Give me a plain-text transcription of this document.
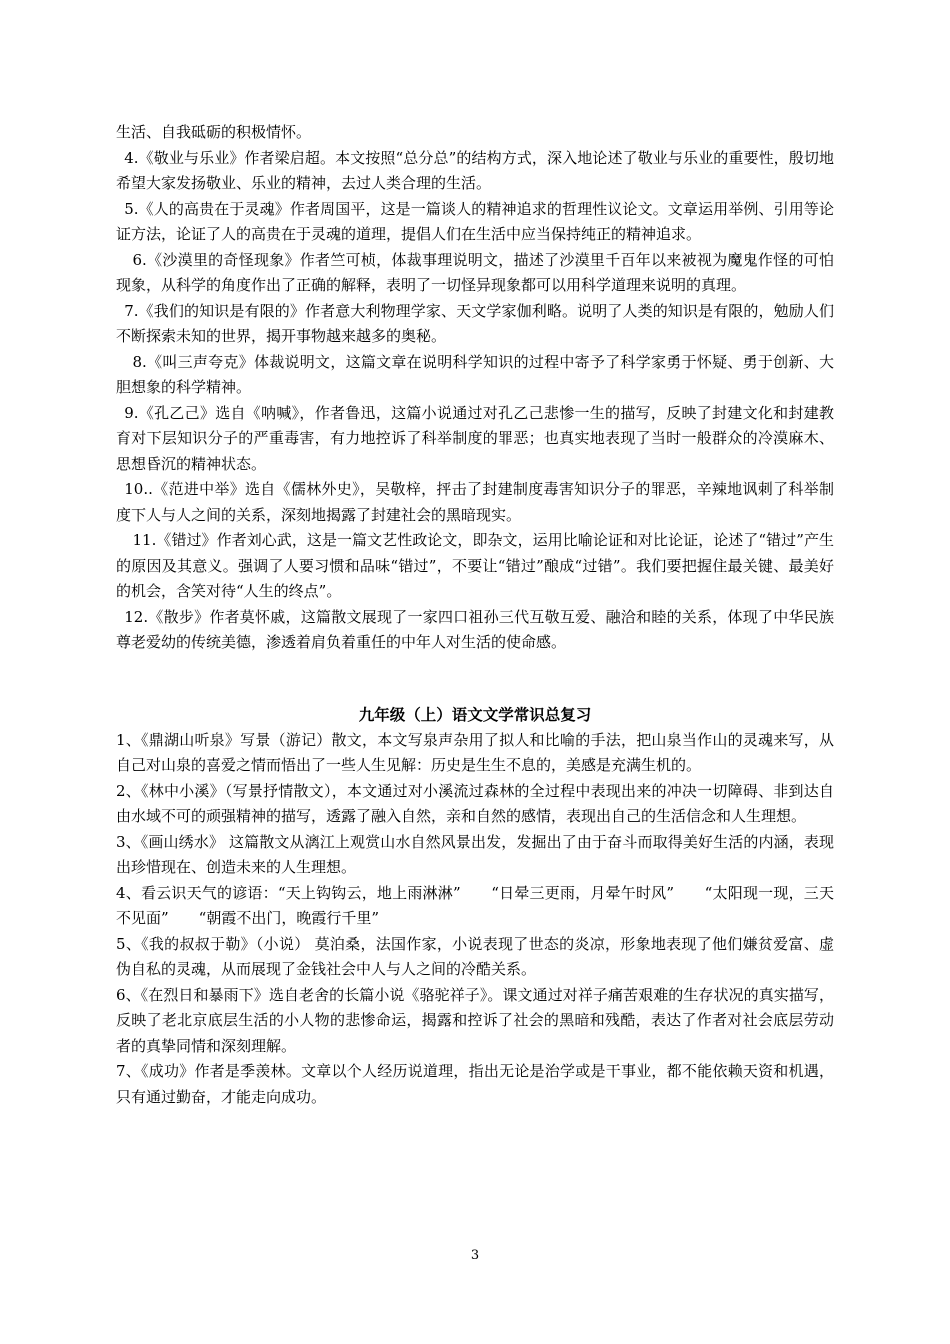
生活、自我砥砺的积极情怀。

4.《敬业与乐业》作者梁启超。本文按照“总分总”的结构方式，深入地论述了敬业与乐业的重要性，殷切地希望大家发扬敬业、乐业的精神，去过人类合理的生活。

5.《人的高贵在于灵魂》作者周国平，这是一篇谈人的精神追求的哲理性议论文。文章运用举例、引用等论证方法，论证了人的高贵在于灵魂的道理，提倡人们在生活中应当保持纯正的精神追求。

6.《沙漠里的奇怪现象》作者竺可桢，体裁事理说明文，描述了沙漠里千百年以来被视为魔鬼作怪的可怕现象，从科学的角度作出了正确的解释，表明了一切怪异现象都可以用科学道理来说明的真理。

7.《我们的知识是有限的》作者意大利物理学家、天文学家伽利略。说明了人类的知识是有限的，勉励人们不断探索未知的世界，揭开事物越来越多的奥秘。

8.《叫三声夸克》体裁说明文，这篇文章在说明科学知识的过程中寄予了科学家勇于怀疑、勇于创新、大胆想象的科学精神。

9.《孔乙己》选自《呐喊》，作者鲁迅，这篇小说通过对孔乙己悲惨一生的描写，反映了封建文化和封建教育对下层知识分子的严重毒害，有力地控诉了科举制度的罪恶；也真实地表现了当时一般群众的冷漠麻木、思想昏沉的精神状态。

10..《范进中举》选自《儒林外史》，吴敬梓，抨击了封建制度毒害知识分子的罪恶，辛辣地讽刺了科举制度下人与人之间的关系，深刻地揭露了封建社会的黑暗现实。

11.《错过》作者刘心武，这是一篇文艺性政论文，即杂文，运用比喻论证和对比论证，论述了“错过”产生的原因及其意义。强调了人要习惯和品味“错过”，不要让“错过”酿成“过错”。我们要把握住最关键、最美好的机会，含笑对待“人生的终点”。

12.《散步》作者莫怀戚，这篇散文展现了一家四口祖孙三代互敬互爱、融洽和睦的关系，体现了中华民族尊老爱幼的传统美德，渗透着肩负着重任的中年人对生活的使命感。

九年级（上）语文文学常识总复习

1、《鼎湖山听泉》写景（游记）散文，本文写泉声杂用了拟人和比喻的手法，把山泉当作山的灵魂来写，从自己对山泉的喜爱之情而悟出了一些人生见解：历史是生生不息的，美感是充满生机的。

2、《林中小溪》（写景抒情散文），本文通过对小溪流过森林的全过程中表现出来的冲决一切障碍、非到达自由水域不可的顽强精神的描写，透露了融入自然，亲和自然的感情，表现出自己的生活信念和人生理想。

3、《画山绣水》 这篇散文从漓江上观赏山水自然风景出发，发掘出了由于奋斗而取得美好生活的内涵，表现出珍惜现在、创造未来的人生理想。

4、看云识天气的谚语：“天上钩钩云，地上雨淋淋”　　“日晕三更雨，月晕午时风”　　“太阳现一现，三天不见面”　　“朝霞不出门，晚霞行千里”

5、《我的叔叔于勒》（小说） 莫泊桑，法国作家，小说表现了世态的炎凉，形象地表现了他们嫌贫爱富、虚伪自私的灵魂，从而展现了金钱社会中人与人之间的冷酷关系。

6、《在烈日和暴雨下》选自老舍的长篇小说《骆驼祥子》。课文通过对祥子痛苦艰难的生存状况的真实描写，反映了老北京底层生活的小人物的悲惨命运，揭露和控诉了社会的黑暗和残酷，表达了作者对社会底层劳动者的真挚同情和深刻理解。

7、《成功》作者是季羡林。文章以个人经历说道理，指出无论是治学或是干事业，都不能依赖天资和机遇，只有通过勤奋，才能走向成功。

3
